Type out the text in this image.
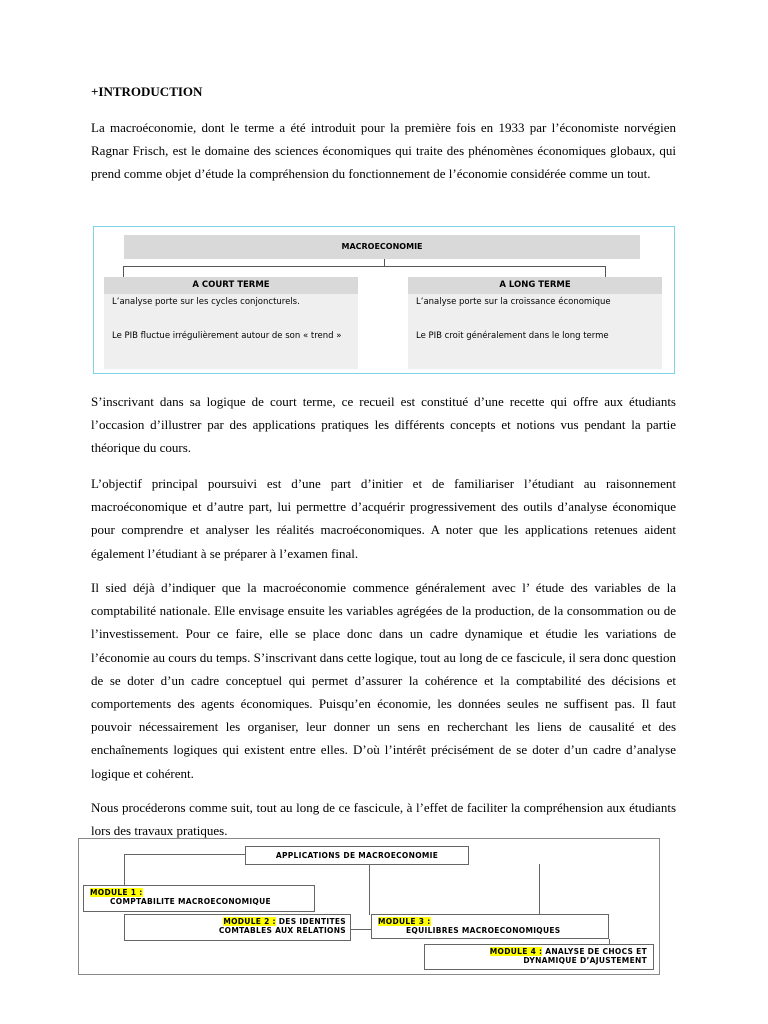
+INTRODUCTION

La macroéconomie, dont le terme a été introduit pour la première fois en 1933 par l’économiste norvégien Ragnar Frisch, est le domaine des sciences économiques qui traite des phénomènes économiques globaux, qui prend comme objet d’étude la compréhension du fonctionnement de l’économie considérée comme un tout.

MACROECONOMIE
A COURT TERME
L’analyse porte sur les cycles conjoncturels.
Le PIB fluctue irrégulièrement autour de son « trend »
A LONG TERME
L’analyse porte sur la croissance économique
Le PIB croit généralement dans le long terme

S’inscrivant dans sa logique de court terme, ce recueil est constitué d’une recette qui offre aux étudiants l’occasion d’illustrer par des applications pratiques les différents concepts et notions vus pendant la partie théorique du cours.

L’objectif principal poursuivi est d’une part d’initier et de familiariser l’étudiant au raisonnement macroéconomique et d’autre part, lui permettre d’acquérir progressivement des outils d’analyse économique pour comprendre et analyser les réalités macroéconomiques. A noter que les applications retenues aident également l’étudiant à se préparer à l’examen final.

Il sied déjà d’indiquer que la macroéconomie commence généralement avec l’ étude des variables de la comptabilité nationale. Elle envisage ensuite les variables agrégées de la production, de la consommation ou de l’investissement. Pour ce faire, elle se place donc dans un cadre dynamique et étudie les variations de l’économie au cours du temps. S’inscrivant dans cette logique, tout au long de ce fascicule, il sera donc question de se doter d’un cadre conceptuel qui permet d’assurer la cohérence et la comptabilité des décisions et comportements des agents économiques. Puisqu’en économie, les données seules ne suffisent pas. Il faut pouvoir nécessairement les organiser, leur donner un sens en recherchant les liens de causalité et des enchaînements logiques qui existent entre elles. D’où l’intérêt précisément de se doter d’un cadre d’analyse logique et cohérent.

Nous procéderons comme suit, tout au long de ce fascicule, à l’effet de faciliter la compréhension aux étudiants lors des travaux pratiques.

APPLICATIONS DE MACROECONOMIE
MODULE 1 :
COMPTABILITE MACROECONOMIQUE
MODULE 2 : DES IDENTITES
COMTABLES AUX RELATIONS
MODULE 3 :
EQUILIBRES MACROECONOMIQUES
MODULE 4 : ANALYSE DE CHOCS ET
DYNAMIQUE D’AJUSTEMENT
